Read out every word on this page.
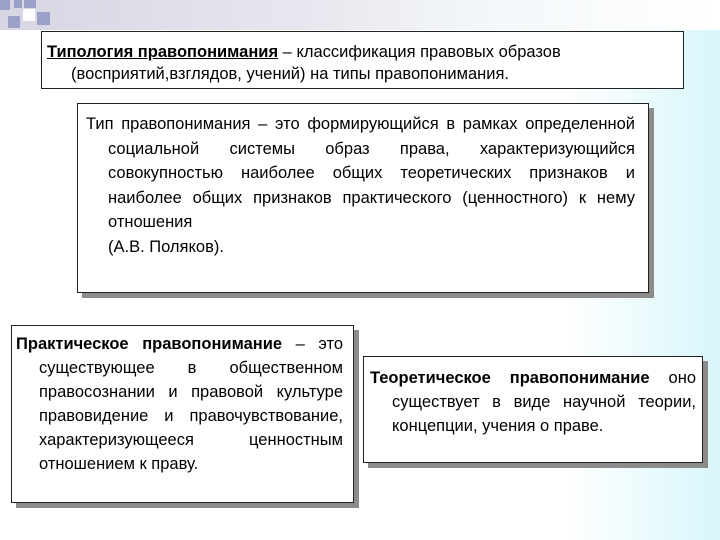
Типология правопонимания – классификация правовых образов
(восприятий,взглядов, учений) на типы правопонимания.

Тип правопонимания – это формирующийся в рамках определенной социальной системы образ права, характеризующийся совокупностью наиболее общих теоретических признаков и наиболее общих признаков практического (ценностного) к нему отношения

(А.В. Поляков).

Практическое правопонимание – это существующее в общественном правосознании и правовой культуре правовидение и правочувствование, характеризующееся ценностным отношением к праву.

Теоретическое правопонимание оно существует в виде научной теории, концепции, учения о праве.
